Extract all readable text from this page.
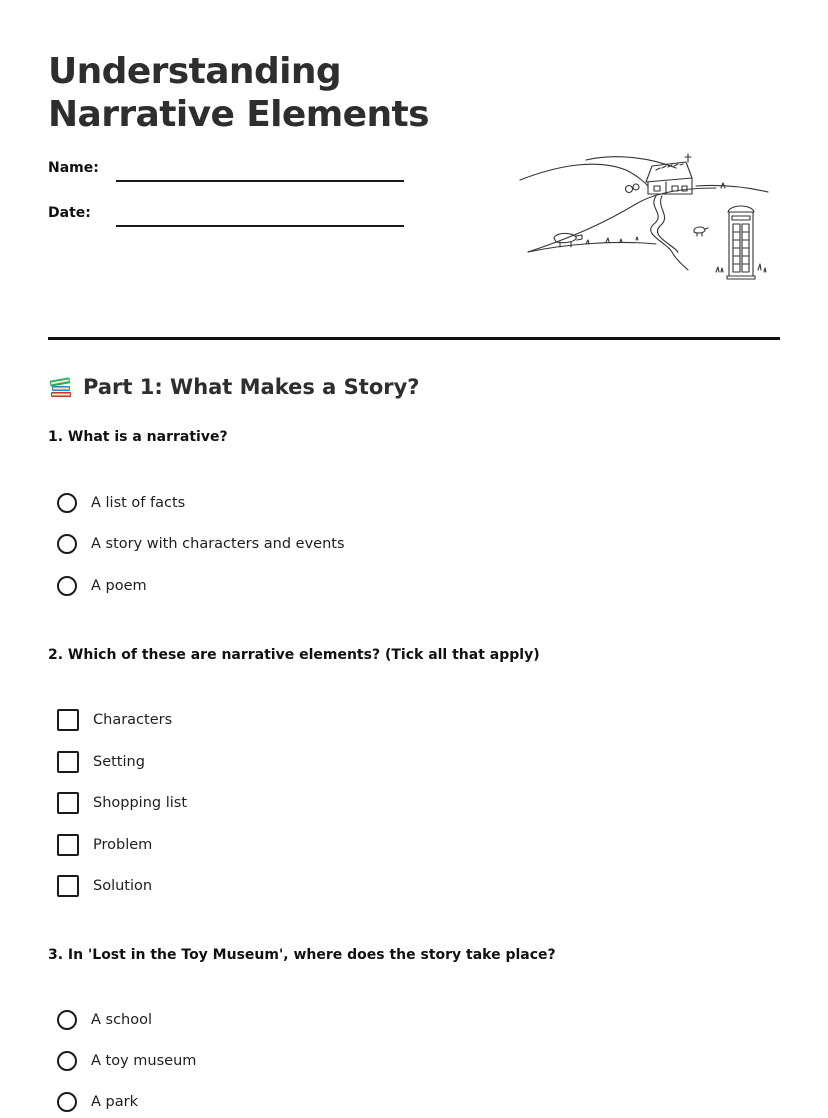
Understanding
Narrative Elements
Name:
Date:
Part 1: What Makes a Story?

1. What is a narrative?

A list of facts
A story with characters and events
A poem

2. Which of these are narrative elements? (Tick all that apply)

Characters
Setting
Shopping list
Problem
Solution

3. In 'Lost in the Toy Museum', where does the story take place?

A school
A toy museum
A park
